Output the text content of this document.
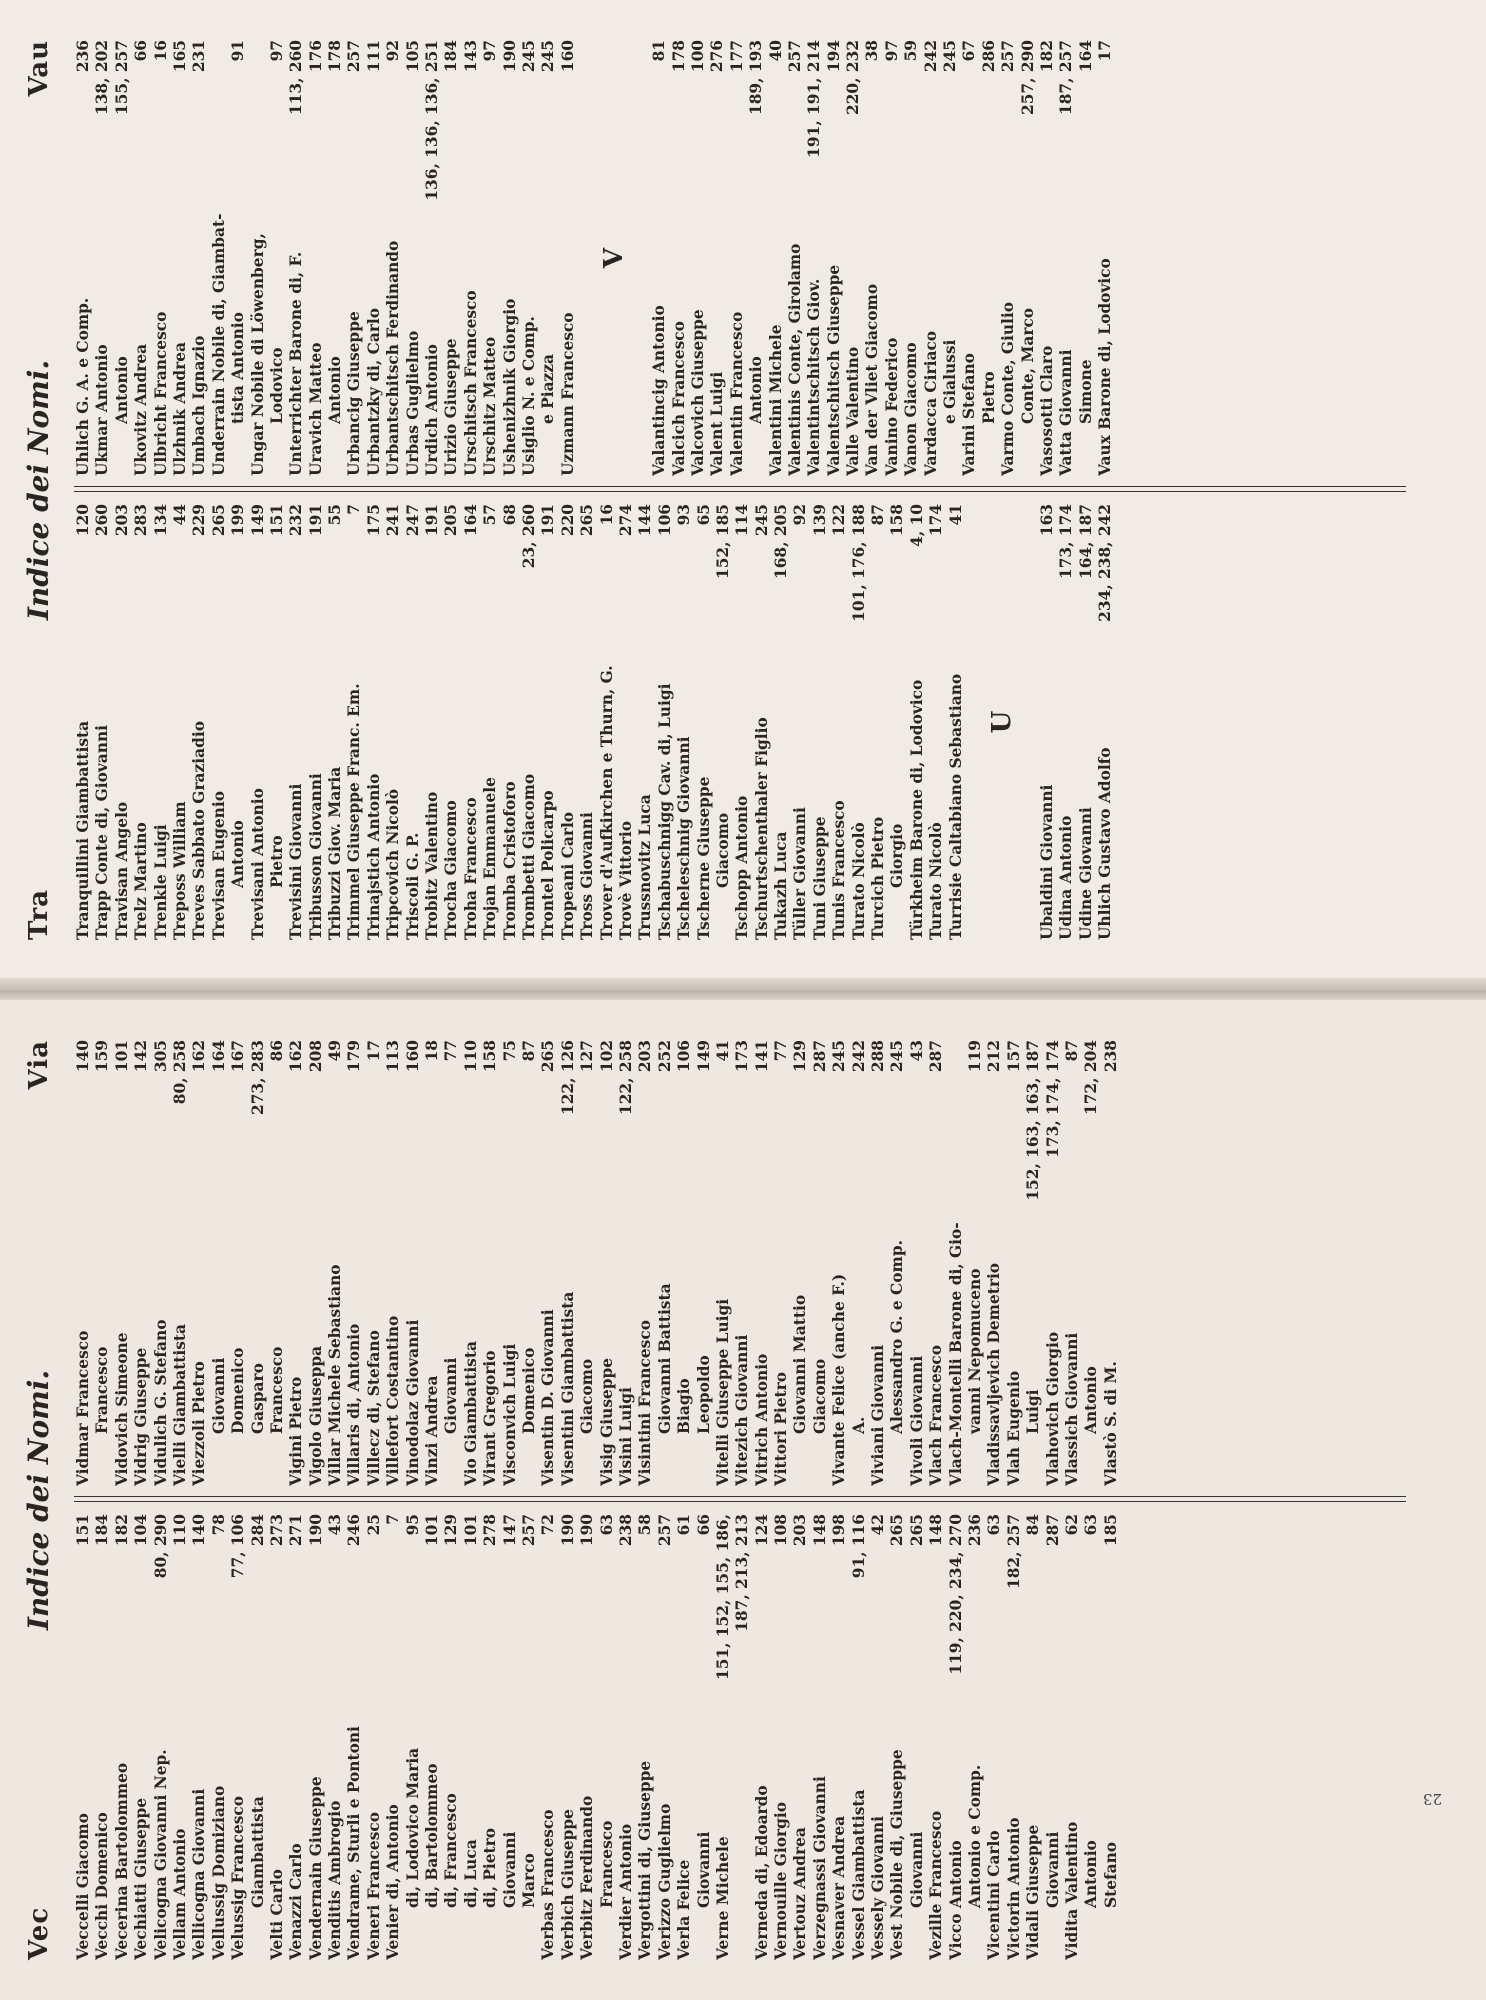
Tra
Indice dei Nomi.
Vau
Tranquillini Giambattista
120
Trapp Conte di, Giovanni
260
Travisan Angelo
203
Trelz Martino
283
Trenkle Luigi
134
Treposs William
44
Treves Sabbato Graziadio
229
Trevisan Eugenio
265
Antonio
199
Trevisani Antonio
149
Pietro
151
Trevisini Giovanni
232
Tribusson Giovanni
191
Tribuzzi Giov. Maria
55
Trimmel Giuseppe Franc. Em.
7
Trinajstich Antonio
175
Tripcovich Nicolò
241
Triscoli G. P.
247
Trobitz Valentino
191
Trocha Giacomo
205
Troha Francesco
164
Trojan Emmanuele
57
Tromba Cristoforo
68
Trombetti Giacomo
23, 260
Trontel Policarpo
191
Tropeani Carlo
220
Tross Giovanni
265
Trover d'Aufkirchen e Thurn, G.
16
Trovè Vittorio
274
Trussnovitz Luca
144
Tschabuschnigg Cav. di, Luigi
106
Tscheleschnig Giovanni
93
Tscherne Giuseppe
65
Giacomo
152, 185
Tschopp Antonio
114
Tschurtschenthaler Figlio
245
Tukazh Luca
168, 205
Tüller Giovanni
92
Tuni Giuseppe
139
Tunis Francesco
122
Turato Nicolò
101, 176, 188
Turcich Pietro
87
Giorgio
158
Türkheim Barone di, Lodovico
4, 10
Turato Nicolò
174
Turrisie Caltabiano Sebastiano
41
U
Ubaldini Giovanni
163
Udina Antonio
173, 174
Udine Giovanni
164, 187
Uhlich Gustavo Adolfo
234, 238, 242
Uhlich G. A. e Comp.
236
Ukmar Antonio
138, 202
Antonio
155, 257
Ukovitz Andrea
66
Ulbricht Francesco
16
Ulzhnik Andrea
165
Umbach Ignazio
231
Underrain Nobile di, Giambat- tista Antonio
91
Ungar Nobile di Löwenberg, Lodovico
97
Unterrichter Barone di, F.
113, 260
Uravich Matteo
176
Antonio
178
Urbancig Giuseppe
257
Urbantzky di, Carlo
111
Urbantschitsch Ferdinando
92
Urbas Guglielmo
105
Urdich Antonio
136, 136, 136, 251
Urizio Giuseppe
184
Urschitsch Francesco
143
Urschitz Matteo
97
Ushenizhnik Giorgio
190
Usiglio N. e Comp.
245
e Piazza
245
Uzmann Francesco
160
V
Valantincig Antonio
81
Valcich Francesco
178
Valcovich Giuseppe
100
Valent Luigi
276
Valentin Francesco
177
Antonio
189, 193
Valentini Michele
40
Valentinis Conte, Girolamo
257
Valentintschitsch Giov.
191, 191, 214
Valentschitsch Giuseppe
194
Valle Valentino
220, 232
Van der Vliet Giacomo
38
Vanino Federico
97
Vanon Giacomo
59
Vardacca Ciriaco
242
e Gialussi
245
Varini Stefano
67
Pietro
286
Varmo Conte, Giulio
257
Conte, Marco
257, 290
Vasosotti Claro
182
Vatta Giovanni
187, 257
Simone
164
Vaux Barone di, Lodovico
17
Vec
Indice dei Nomi.
Via
Veccelli Giacomo
151
Vecchi Domenico
184
Vecerina Bartolommeo
182
Vechiatti Giuseppe
104
Velicogna Giovanni Nep.
80, 290
Vellam Antonio
110
Vellicogna Giovanni
140
Vellussig Domiziano
78
Velussig Francesco
77, 106
Giambattista
284
Velti Carlo
273
Venazzi Carlo
271
Vendernain Giuseppe
190
Venditis Ambrogio
43
Vendrame, Sturli e Pontoni
246
Veneri Francesco
25
Venier di, Antonio
7
di, Lodovico Maria
95
di, Bartolommeo
101
di, Francesco
129
di, Luca
101
di, Pietro
278
Giovanni
147
Marco
257
Verbas Francesco
72
Verbich Giuseppe
190
Verbitz Ferdinando
190
Francesco
63
Verdier Antonio
238
Vergottini di, Giuseppe
58
Verizzo Guglielmo
257
Verla Felice
61
Giovanni
66
Verne Michele
151, 152, 155, 186, 187, 213, 213
Verneda di, Edoardo
124
Vernouille Giorgio
108
Vertouz Andrea
203
Verzegnassi Giovanni
148
Vesnaver Andrea
198
Vessel Giambattista
91, 116
Vessely Giovanni
42
Vest Nobile di, Giuseppe
265
Giovanni
265
Vezille Francesco
148
Vicco Antonio
119, 220, 234, 270
Antonio e Comp.
236
Vicentini Carlo
63
Victorin Antonio
182, 257
Vidali Giuseppe
84
Giovanni
287
Vidita Valentino
62
Antonio
63
Stefano
185
Vidmar Francesco
140
Francesco
159
Vidovich Simeone
101
Vidrig Giuseppe
142
Vidulich G. Stefano
305
Vielli Giambattista
80, 258
Viezzoli Pietro
162
Giovanni
164
Domenico
167
Gasparo
273, 283
Francesco
86
Vigini Pietro
162
Vigolo Giuseppa
208
Villar Michele Sebastiano
49
Villaris di, Antonio
179
Villecz di, Stefano
17
Villefort Costantino
113
Vinodolaz Giovanni
160
Vinzi Andrea
18
Giovanni
77
Vio Giambattista
110
Virant Gregorio
158
Visconvich Luigi
75
Domenico
87
Visentin D. Giovanni
265
Visentini Giambattista
122, 126
Giacomo
127
Visig Giuseppe
102
Visini Luigi
122, 258
Visintini Francesco
203
Giovanni Battista
252
Biagio
106
Leopoldo
149
Vitelli Giuseppe Luigi
41
Vitezich Giovanni
173
Vitrich Antonio
141
Vittori Pietro
77
Giovanni Mattio
129
Giacomo
287
Vivante Felice (anche F.)
245
A.
242
Viviani Giovanni
288
Alessandro G. e Comp.
245
Vivoli Giovanni
43
Vlach Francesco
287
Vlach-Montelli Barone di, Gio- vanni Nepomuceno
119
Vladissavljevich Demetrio
212
Vlah Eugenio
157
Luigi
152, 163, 163, 187
Vlahovich Giorgio
173, 174, 174
Vlassich Giovanni
87
Antonio
172, 204
Vlastò S. di M.
238
23
